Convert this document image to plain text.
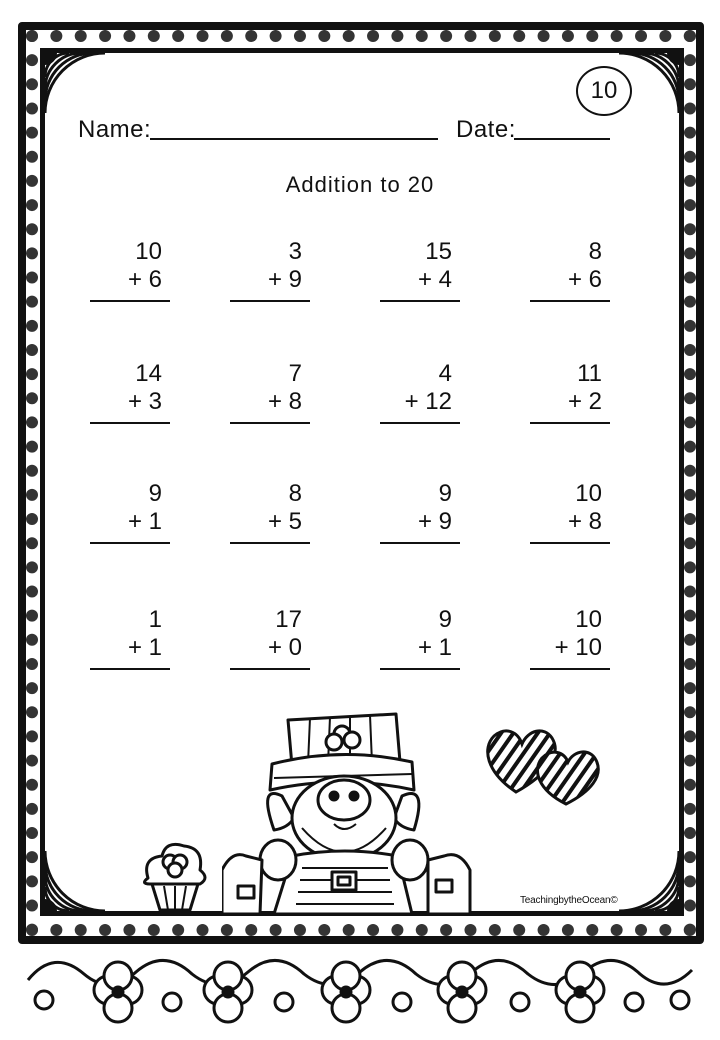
10
Name:	Date:
Addition to 20
10
+ 6
3
+ 9
15
+ 4
8
+ 6
14
+ 3
7
+ 8
4
+ 12
11
+ 2
9
+ 1
8
+ 5
9
+ 9
10
+ 8
1
+ 1
17
+ 0
9
+ 1
10
+ 10
TeachingbytheOcean©
